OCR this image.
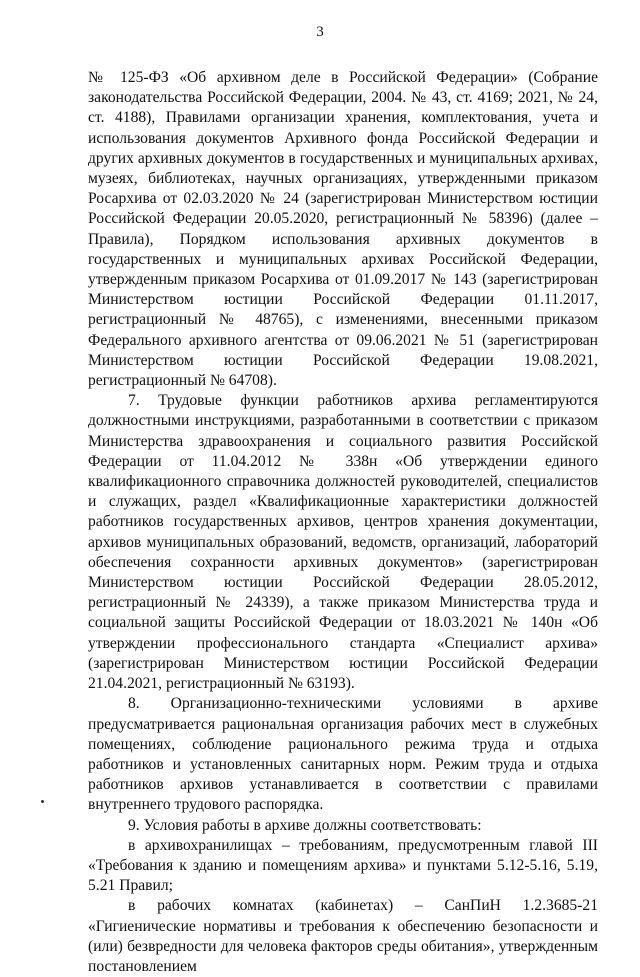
3

№ 125-ФЗ «Об архивном деле в Российской Федерации» (Собрание законодательства Российской Федерации, 2004. № 43, ст. 4169; 2021, № 24, ст. 4188), Правилами организации хранения, комплектования, учета и использования документов Архивного фонда Российской Федерации и других архивных документов в государственных и муниципальных архивах, музеях, библиотеках, научных организациях, утвержденными приказом Росархива от 02.03.2020 № 24 (зарегистрирован Министерством юстиции Российской Федерации 20.05.2020, регистрационный № 58396) (далее – Правила), Порядком использования архивных документов в государственных и муниципальных архивах Российской Федерации, утвержденным приказом Росархива от 01.09.2017 № 143 (зарегистрирован Министерством юстиции Российской Федерации 01.11.2017, регистрационный № 48765), с изменениями, внесенными приказом Федерального архивного агентства от 09.06.2021 № 51 (зарегистрирован Министерством юстиции Российской Федерации 19.08.2021, регистрационный № 64708).

7. Трудовые функции работников архива регламентируются должностными инструкциями, разработанными в соответствии с приказом Министерства здравоохранения и социального развития Российской Федерации от 11.04.2012 № 338н «Об утверждении единого квалификационного справочника должностей руководителей, специалистов и служащих, раздел «Квалификационные характеристики должностей работников государственных архивов, центров хранения документации, архивов муниципальных образований, ведомств, организаций, лабораторий обеспечения сохранности архивных документов» (зарегистрирован Министерством юстиции Российской Федерации 28.05.2012, регистрационный № 24339), а также приказом Министерства труда и социальной защиты Российской Федерации от 18.03.2021 № 140н «Об утверждении профессионального стандарта «Специалист архива» (зарегистрирован Министерством юстиции Российской Федерации 21.04.2021, регистрационный № 63193).

8. Организационно-техническими условиями в архиве предусматривается рациональная организация рабочих мест в служебных помещениях, соблюдение рационального режима труда и отдыха работников и установленных санитарных норм. Режим труда и отдыха работников архивов устанавливается в соответствии с правилами внутреннего трудового распорядка.

9. Условия работы в архиве должны соответствовать:

в архивохранилищах – требованиям, предусмотренным главой III «Требования к зданию и помещениям архива» и пунктами 5.12-5.16, 5.19, 5.21 Правил;

в рабочих комнатах (кабинетах) – СанПиН 1.2.3685-21 «Гигиенические нормативы и требования к обеспечению безопасности и (или) безвредности для человека факторов среды обитания», утвержденным постановлением
